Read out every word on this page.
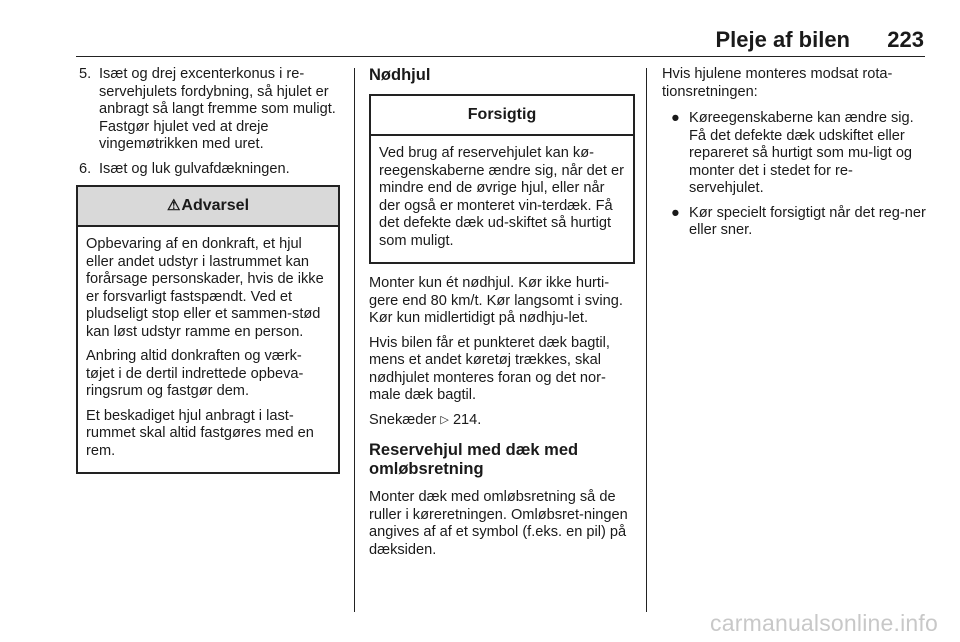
Pleje af bilen	223
5. Isæt og drej excenterkonus i re-servehjulets fordybning, så hjulet er anbragt så langt fremme som muligt. Fastgør hjulet ved at dreje vingemøtrikken med uret.
6. Isæt og luk gulvafdækningen.
⚠ Advarsel

Opbevaring af en donkraft, et hjul eller andet udstyr i lastrummet kan forårsage personskader, hvis de ikke er forsvarligt fastspændt. Ved et pludseligt stop eller et sammen-stød kan løst udstyr ramme en person.

Anbring altid donkraften og værk-tøjet i de dertil indrettede opbeva-ringsrum og fastgør dem.

Et beskadiget hjul anbragt i last-rummet skal altid fastgøres med en rem.

Nødhjul
Forsigtig

Ved brug af reservehjulet kan kø-reegenskaberne ændre sig, når det er mindre end de øvrige hjul, eller når der også er monteret vin-terdæk. Få det defekte dæk ud-skiftet så hurtigt som muligt.

Monter kun ét nødhjul. Kør ikke hurti-gere end 80 km/t. Kør langsomt i sving. Kør kun midlertidigt på nødhju-let.

Hvis bilen får et punkteret dæk bagtil, mens et andet køretøj trækkes, skal nødhjulet monteres foran og det nor-male dæk bagtil.

Snekæder ▷ 214.

Reservehjul med dæk med omløbsretning

Monter dæk med omløbsretning så de ruller i køreretningen. Omløbsret-ningen angives af af et symbol (f.eks. en pil) på dæksiden.

Hvis hjulene monteres modsat rota-tionsretningen:

● Køreegenskaberne kan ændre sig. Få det defekte dæk udskiftet eller repareret så hurtigt som mu-ligt og monter det i stedet for re-servehjulet.
● Kør specielt forsigtigt når det reg-ner eller sner.
carmanualsonline.info
